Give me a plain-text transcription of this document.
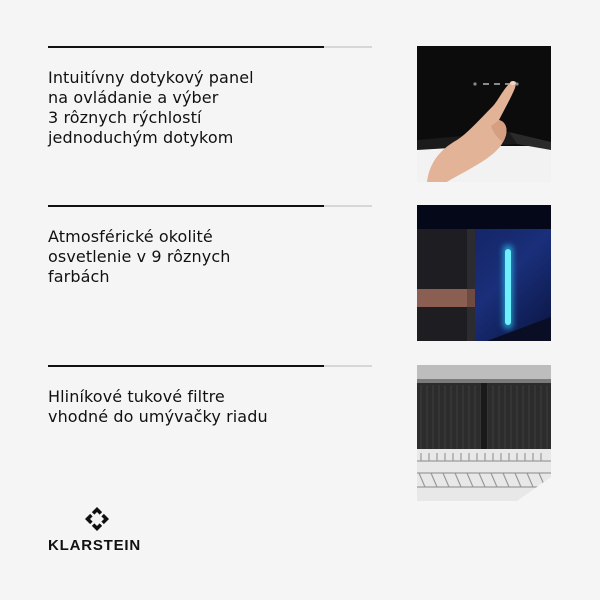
Intuitívny dotykový panel
na ovládanie a výber
3 rôznych rýchlostí
jednoduchým dotykom
Atmosférické okolité
osvetlenie v 9 rôznych
farbách
Hliníkové tukové filtre
vhodné do umývačky riadu
KLARSTEIN
